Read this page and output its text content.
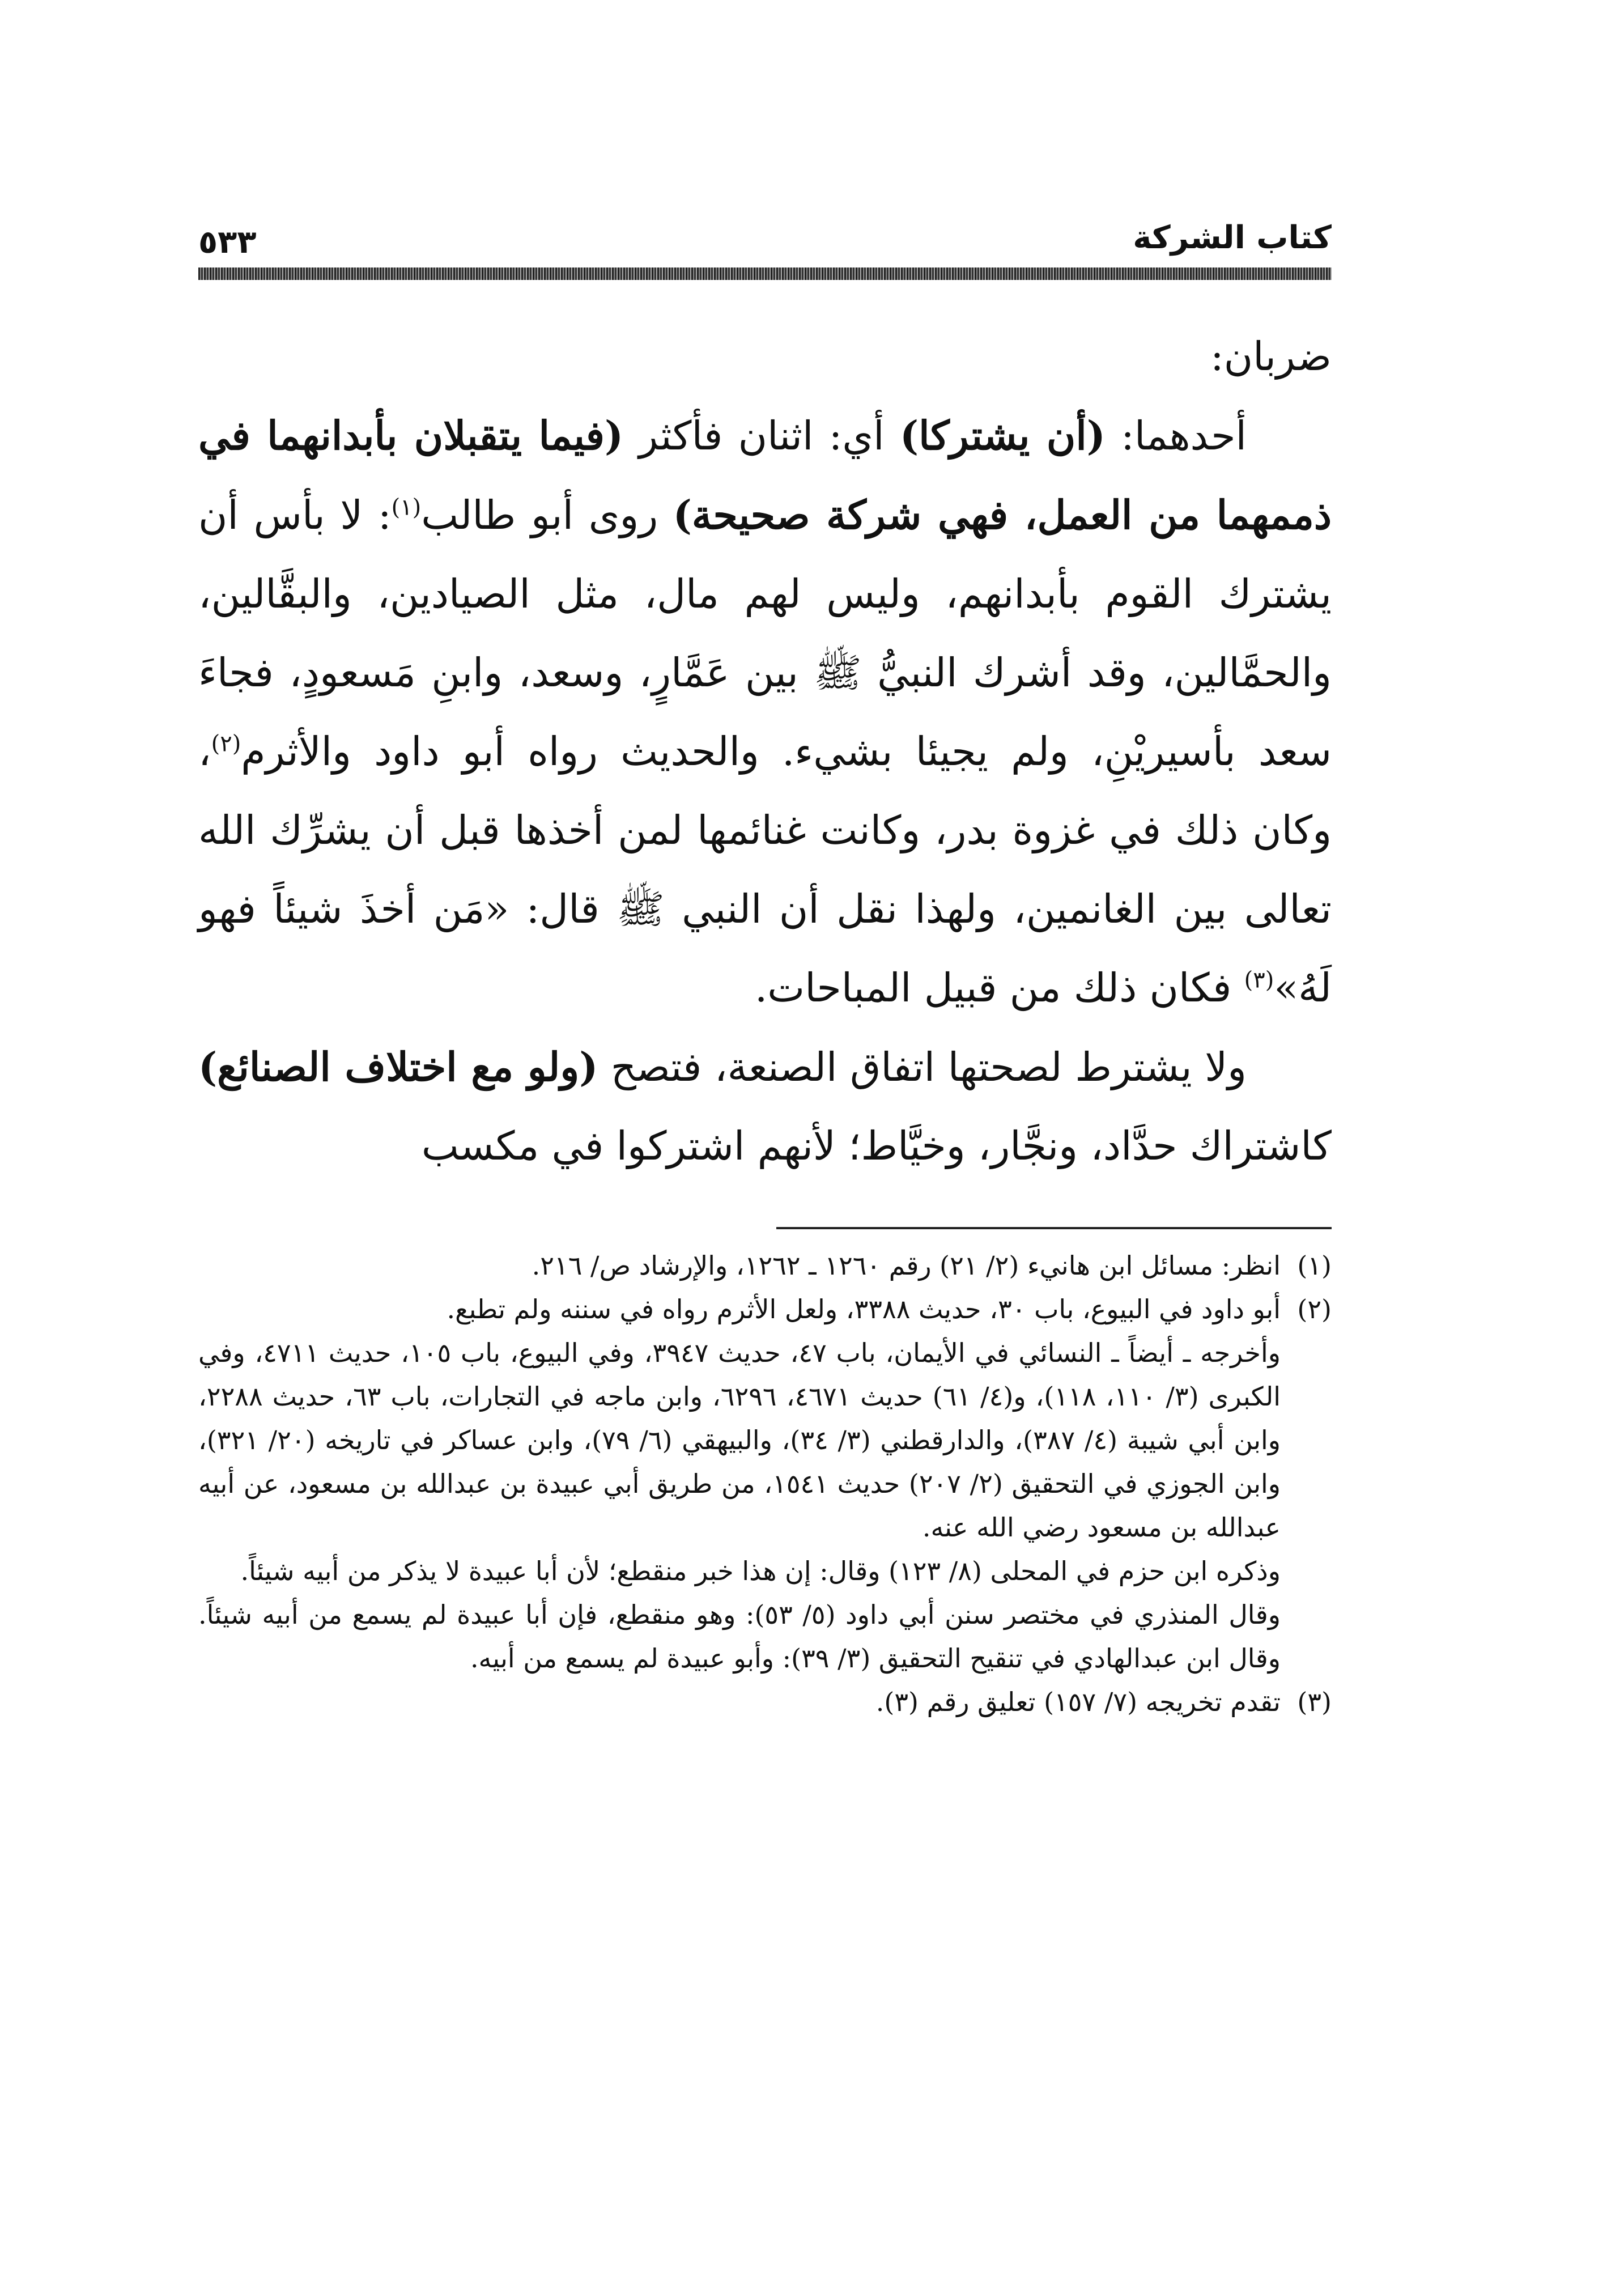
كتاب الشركة
٥٣٣

ضربان:

أحدهما: (أن يشتركا) أي: اثنان فأكثر (فيما يتقبلان بأبدانهما في ذممهما من العمل، فهي شركة صحيحة) روى أبو طالب$^{(١)}$: لا بأس أن يشترك القوم بأبدانهم، وليس لهم مال، مثل الصيادين، والبقَّالين، والحمَّالين، وقد أشرك النبيُّ ﷺ بين عَمَّارٍ، وسعد، وابنِ مَسعودٍ، فجاءَ سعد بأسيريْنِ، ولم يجيئا بشيء. والحديث رواه أبو داود والأثرم$^{(٢)}$، وكان ذلك في غزوة بدر، وكانت غنائمها لمن أخذها قبل أن يشرِّك الله تعالى بين الغانمين، ولهذا نقل أن النبي ﷺ قال: «مَن أخذَ شيئاً فهو لَهُ»$^{(٣)}$ فكان ذلك من قبيل المباحات.

ولا يشترط لصحتها اتفاق الصنعة، فتصح (ولو مع اختلاف الصنائع) كاشتراك حدَّاد، ونجَّار، وخيَّاط؛ لأنهم اشتركوا في مكسب

(١)انظر: مسائل ابن هانيء (٢/ ٢١) رقم ١٢٦٠ ـ ١٢٦٢، والإرشاد ص/ ٢١٦.

(٢)أبو داود في البيوع، باب ٣٠، حديث ٣٣٨٨، ولعل الأثرم رواه في سننه ولم تطبع.

وأخرجه ـ أيضاً ـ النسائي في الأيمان، باب ٤٧، حديث ٣٩٤٧، وفي البيوع، باب ١٠٥، حديث ٤٧١١، وفي الكبرى (٣/ ١١٠، ١١٨)، و(٤/ ٦١) حديث ٤٦٧١، ٦٢٩٦، وابن ماجه في التجارات، باب ٦٣، حديث ٢٢٨٨، وابن أبي شيبة (٤/ ٣٨٧)، والدارقطني (٣/ ٣٤)، والبيهقي (٦/ ٧٩)، وابن عساكر في تاريخه (٢٠/ ٣٢١)، وابن الجوزي في التحقيق (٢/ ٢٠٧) حديث ١٥٤١، من طريق أبي عبيدة بن عبدالله بن مسعود، عن أبيه عبدالله بن مسعود رضي الله عنه.

وذكره ابن حزم في المحلى (٨/ ١٢٣) وقال: إن هذا خبر منقطع؛ لأن أبا عبيدة لا يذكر من أبيه شيئاً.

وقال المنذري في مختصر سنن أبي داود (٥/ ٥٣): وهو منقطع، فإن أبا عبيدة لم يسمع من أبيه شيئاً. وقال ابن عبدالهادي في تنقيح التحقيق (٣/ ٣٩): وأبو عبيدة لم يسمع من أبيه.

(٣)تقدم تخريجه (٧/ ١٥٧) تعليق رقم (٣).
